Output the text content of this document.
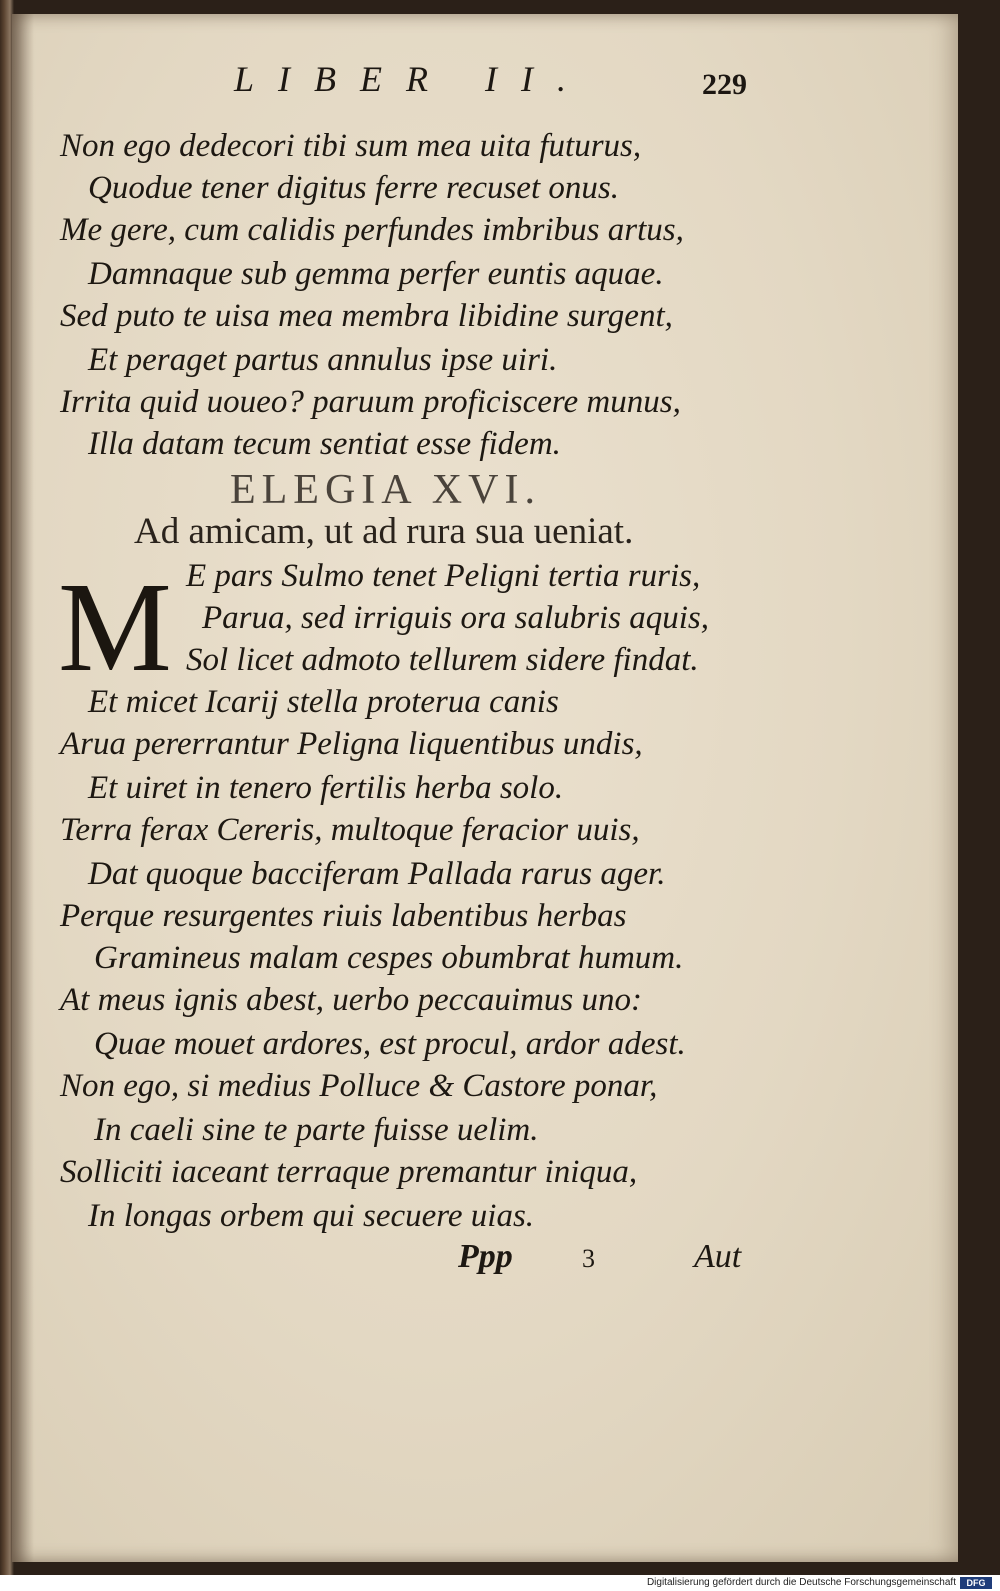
LIBER II.	229
Non ego dedecori tibi sum mea uita futurus,
Quodue tener digitus ferre recuset onus.
Me gere, cum calidis perfundes imbribus artus,
Damnaque sub gemma perfer euntis aquae.
Sed puto te uisa mea membra libidine surgent,
Et peraget partus annulus ipse uiri.
Irrita quid uoueo? paruum proficiscere munus,
Illa datam tecum sentiat esse fidem.
ELEGIA XVI.
Ad amicam, ut ad rura sua ueniat.
M E pars Sulmo tenet Peligni tertia ruris,
Parua, sed irriguis ora salubris aquis,
Sol licet admoto tellurem sidere findat.
Et micet Icarij stella proterua canis
Arua pererrantur Peligna liquentibus undis,
Et uiret in tenero fertilis herba solo.
Terra ferax Cereris, multoque feracior uuis,
Dat quoque bacciferam Pallada rarus ager.
Perque resurgentes riuis labentibus herbas
Gramineus malam cespes obumbrat humum.
At meus ignis abest, uerbo peccauimus uno:
Quae mouet ardores, est procul, ardor adest.
Non ego, si medius Polluce & Castore ponar,
In caeli sine te parte fuisse uelim.
Solliciti iaceant terraque premantur iniqua,
In longas orbem qui secuere uias.
Ppp	3	Aut
Digitalisierung gefördert durch die Deutsche Forschungsgemeinschaft	DFG
